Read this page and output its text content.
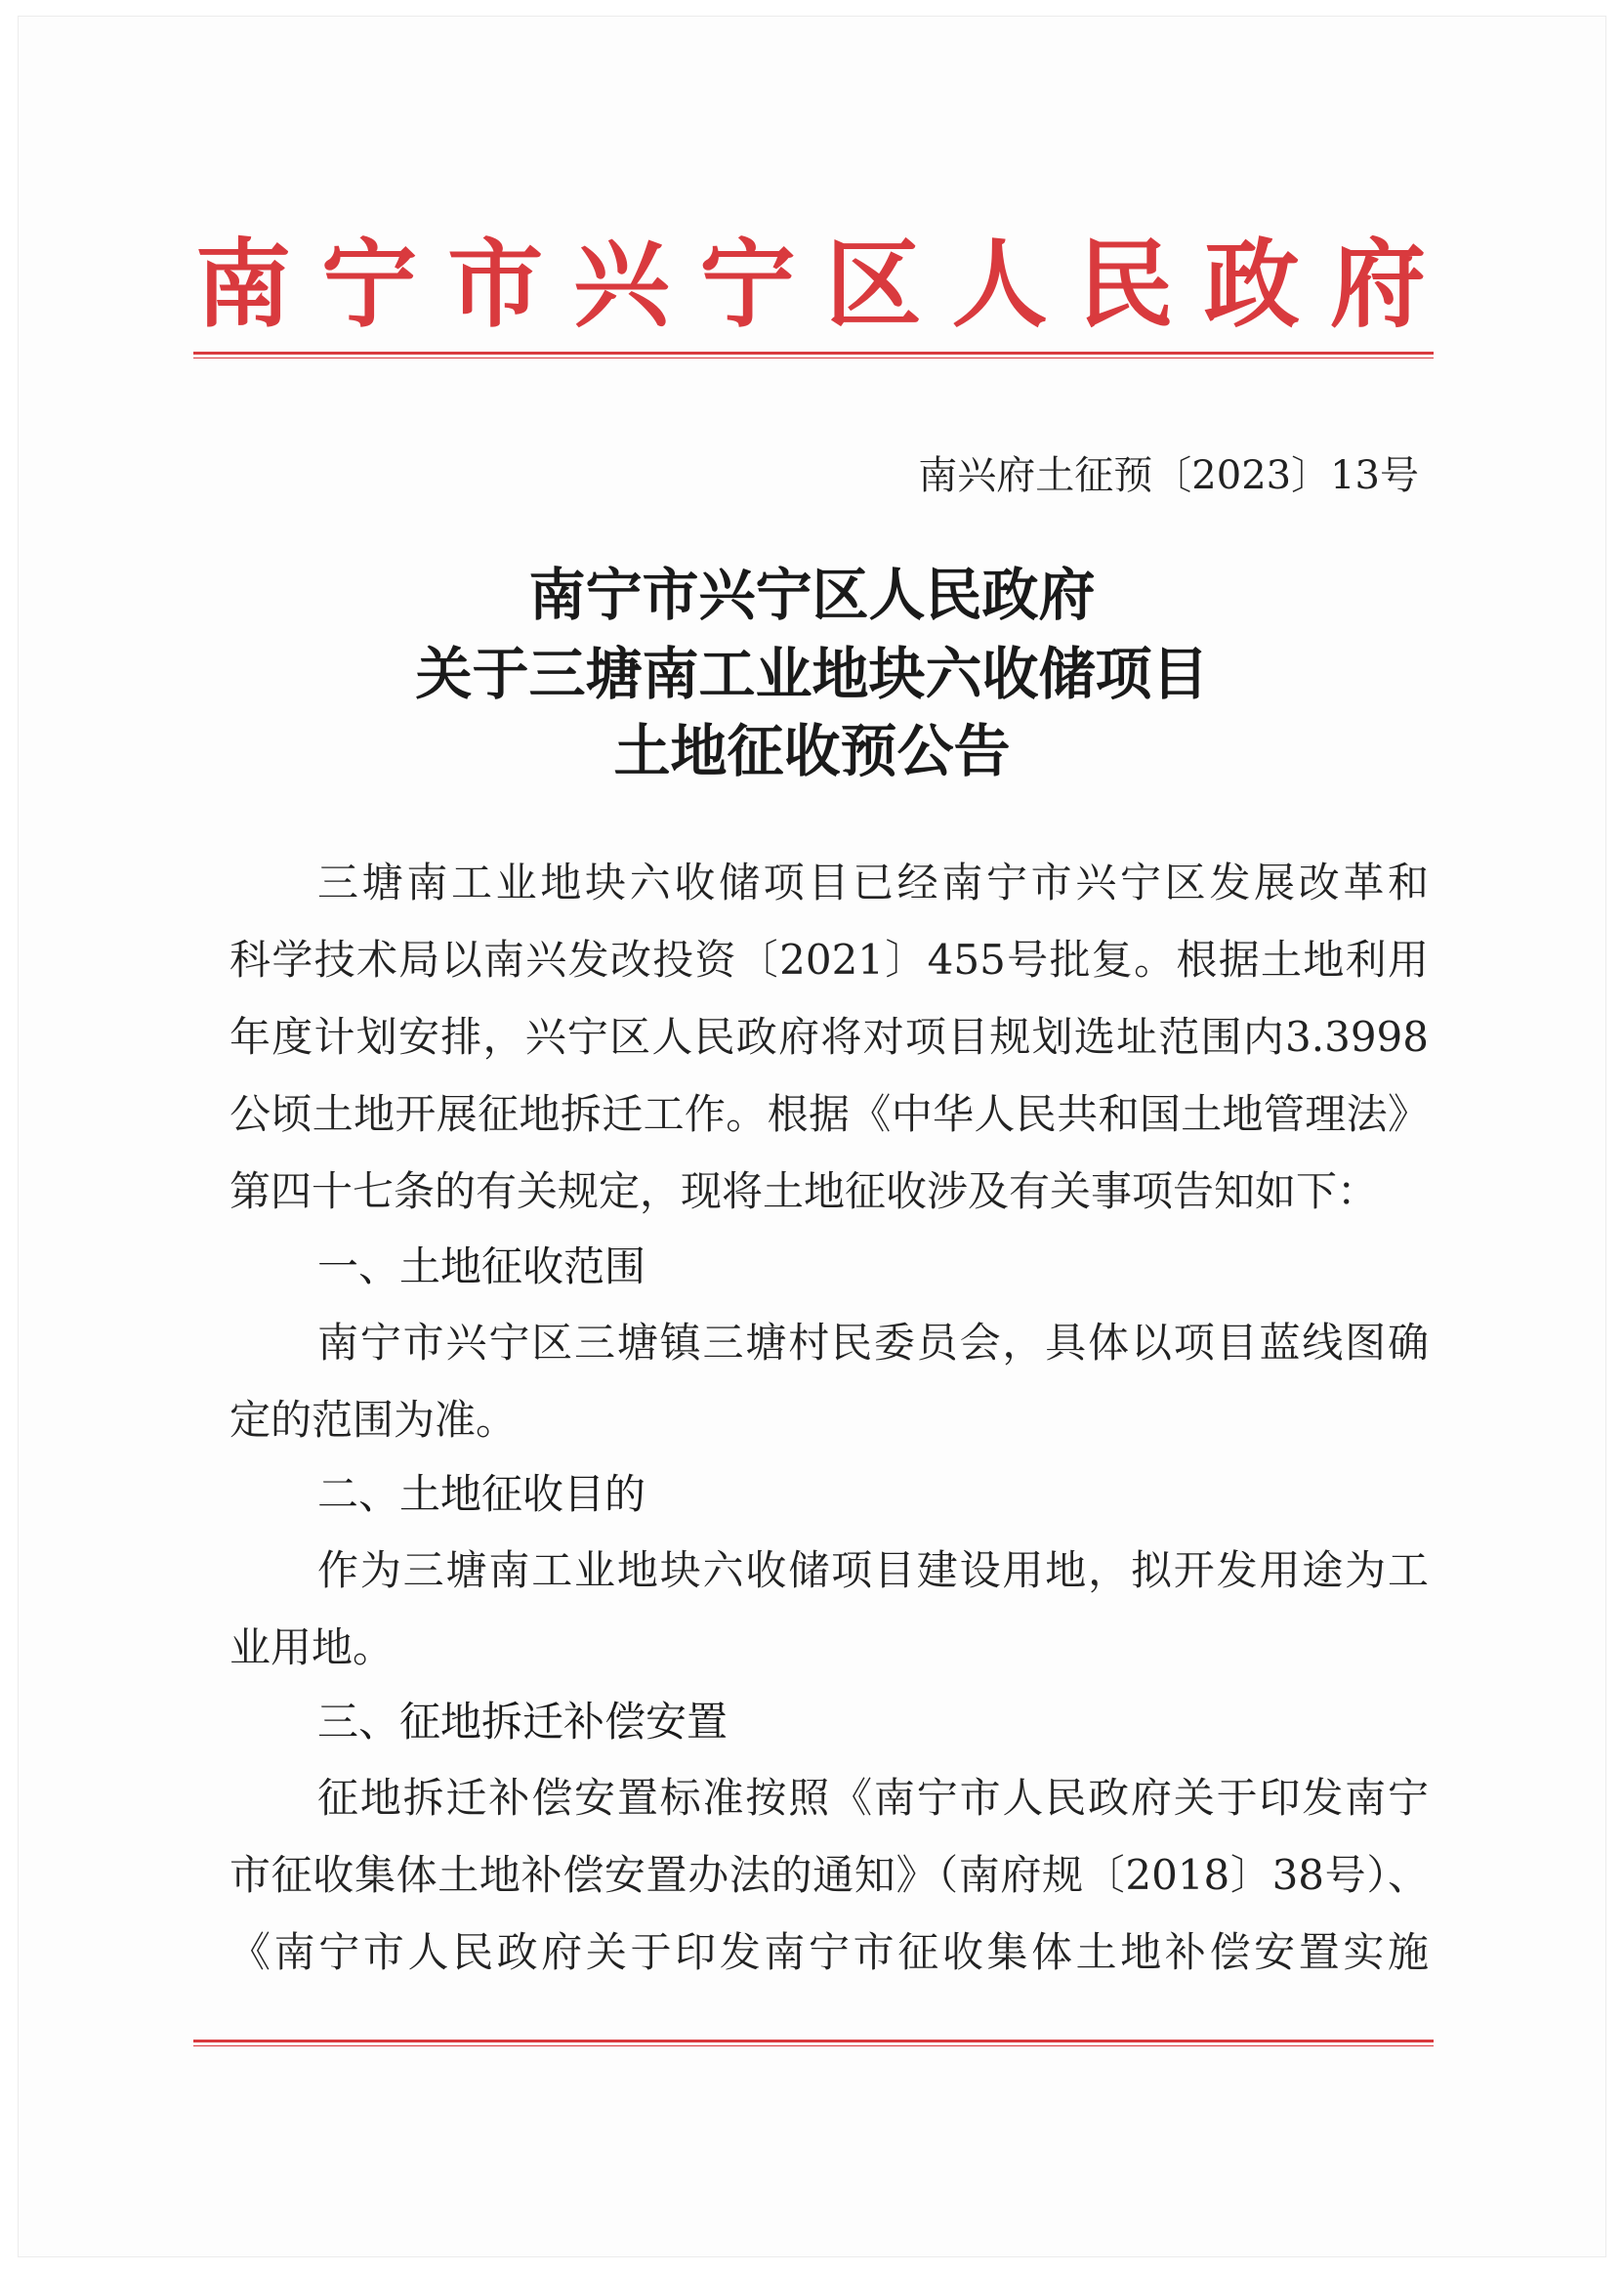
南 宁 市 兴 宁 区 人 民 政 府
南兴府土征预〔2023〕13号
南宁市兴宁区人民政府
关于三塘南工业地块六收储项目
土地征收预公告
三塘南工业地块六收储项目已经南宁市兴宁区发展改革和
科学技术局以南兴发改投资〔2021〕455号批复。根据土地利用
年度计划安排，兴宁区人民政府将对项目规划选址范围内3.3998
公顷土地开展征地拆迁工作。根据《中华人民共和国土地管理法》
第四十七条的有关规定，现将土地征收涉及有关事项告知如下：
一、土地征收范围
南宁市兴宁区三塘镇三塘村民委员会，具体以项目蓝线图确
定的范围为准。
二、土地征收目的
作为三塘南工业地块六收储项目建设用地，拟开发用途为工
业用地。
三、征地拆迁补偿安置
征地拆迁补偿安置标准按照《南宁市人民政府关于印发南宁
市征收集体土地补偿安置办法的通知》（南府规〔2018〕38号）、
《南宁市人民政府关于印发南宁市征收集体土地补偿安置实施
